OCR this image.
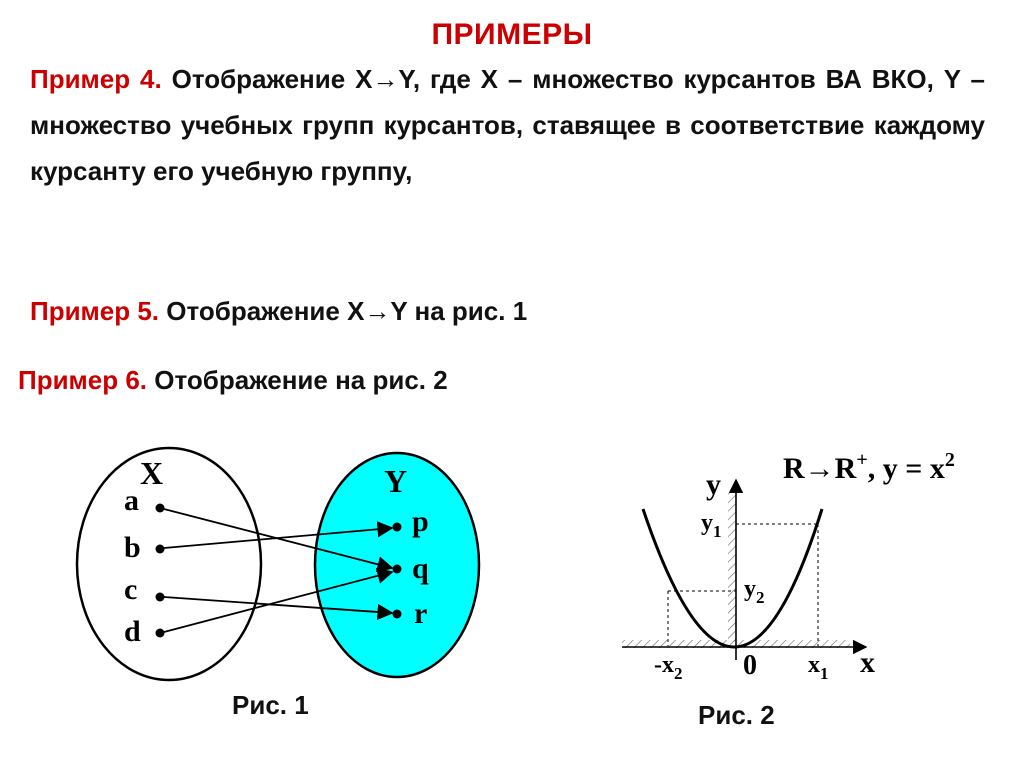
ПРИМЕРЫ
Пример 4. Отображение X→Y, где X – множество курсантов ВА ВКО, Y – множество учебных групп курсантов, ставящее в соответствие каждому курсанту его учебную группу,
Пример 5. Отображение X→Y на рис. 1
Пример 6. Отображение на рис. 2
X	Y
a
b
c
d
p
q
r
R→R+, $y = x^2$
y
x
0
$y_1$
$y_2$
$x_1$
$-x_2$
Рис. 1	Рис. 2
